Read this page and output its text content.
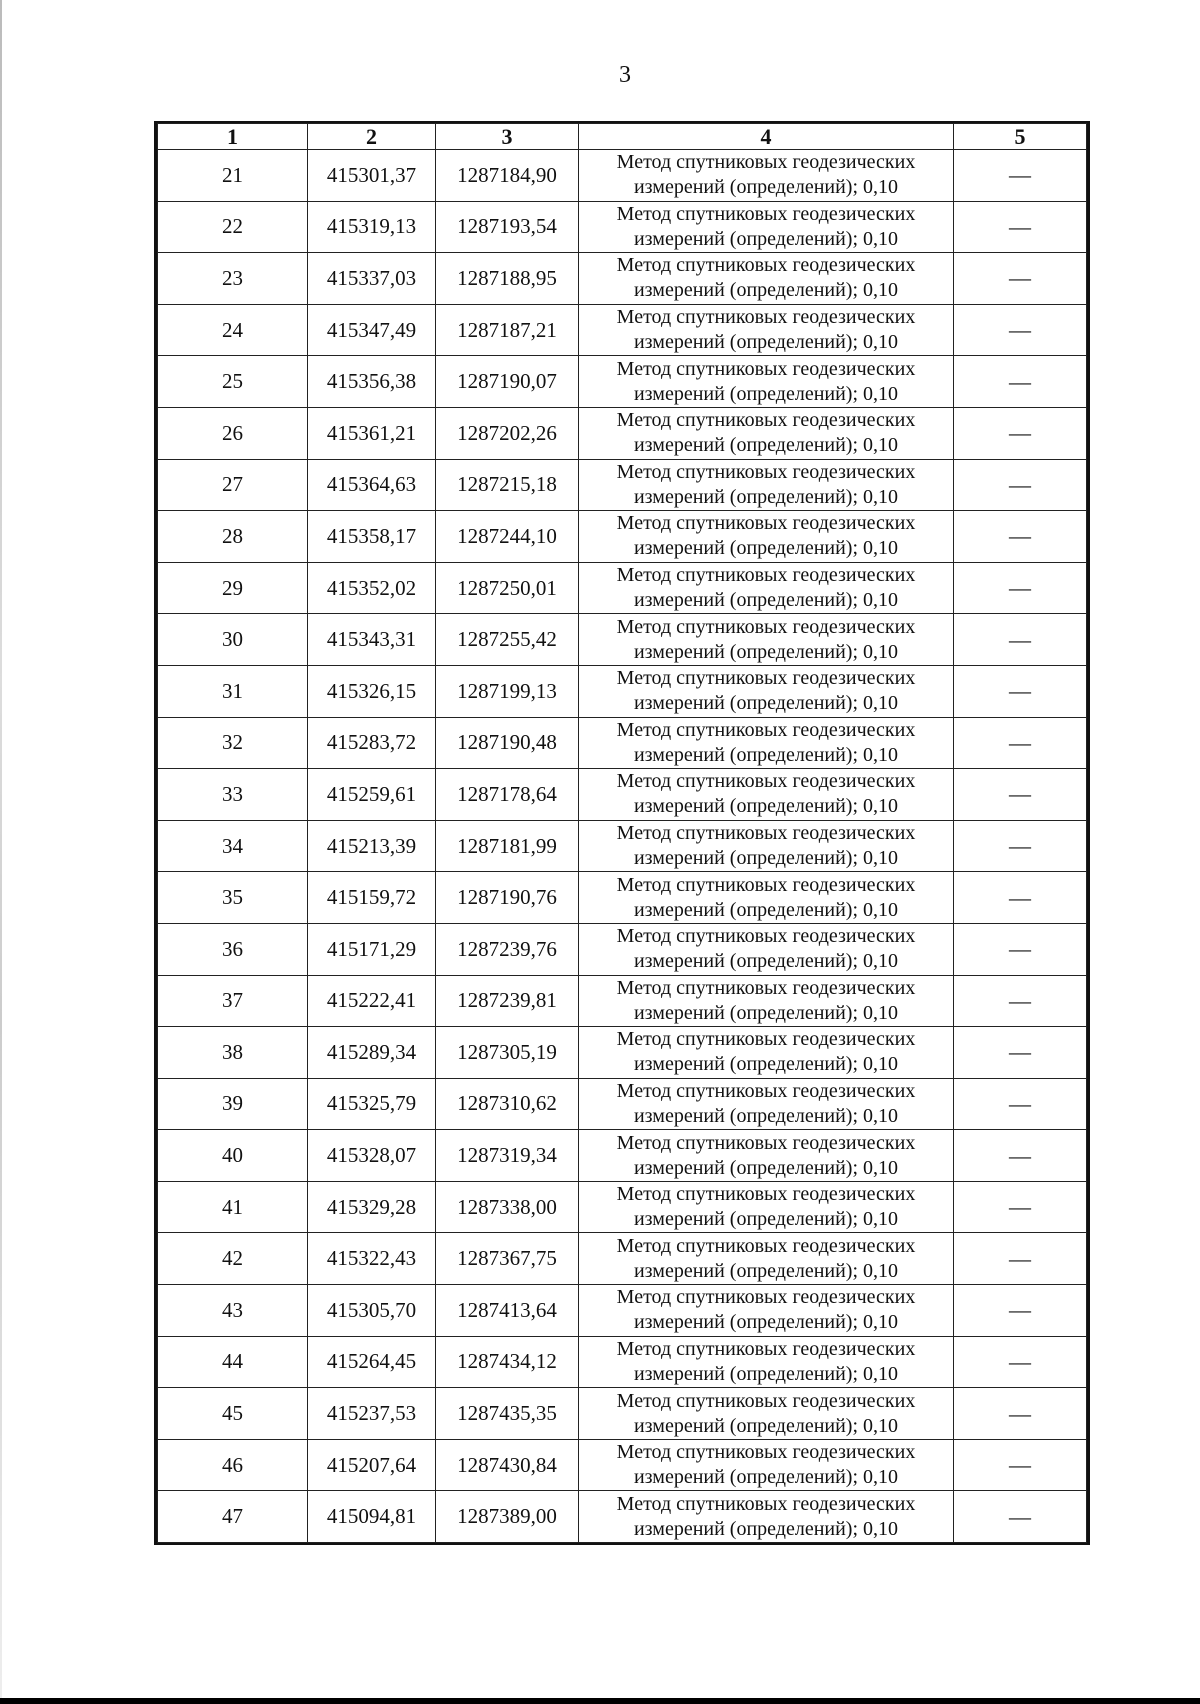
3
1	2	3	4	5
21	415301,37	1287184,90	Метод спутниковых геодезических
измерений (определений); 0,10	—
22	415319,13	1287193,54	Метод спутниковых геодезических
измерений (определений); 0,10	—
23	415337,03	1287188,95	Метод спутниковых геодезических
измерений (определений); 0,10	—
24	415347,49	1287187,21	Метод спутниковых геодезических
измерений (определений); 0,10	—
25	415356,38	1287190,07	Метод спутниковых геодезических
измерений (определений); 0,10	—
26	415361,21	1287202,26	Метод спутниковых геодезических
измерений (определений); 0,10	—
27	415364,63	1287215,18	Метод спутниковых геодезических
измерений (определений); 0,10	—
28	415358,17	1287244,10	Метод спутниковых геодезических
измерений (определений); 0,10	—
29	415352,02	1287250,01	Метод спутниковых геодезических
измерений (определений); 0,10	—
30	415343,31	1287255,42	Метод спутниковых геодезических
измерений (определений); 0,10	—
31	415326,15	1287199,13	Метод спутниковых геодезических
измерений (определений); 0,10	—
32	415283,72	1287190,48	Метод спутниковых геодезических
измерений (определений); 0,10	—
33	415259,61	1287178,64	Метод спутниковых геодезических
измерений (определений); 0,10	—
34	415213,39	1287181,99	Метод спутниковых геодезических
измерений (определений); 0,10	—
35	415159,72	1287190,76	Метод спутниковых геодезических
измерений (определений); 0,10	—
36	415171,29	1287239,76	Метод спутниковых геодезических
измерений (определений); 0,10	—
37	415222,41	1287239,81	Метод спутниковых геодезических
измерений (определений); 0,10	—
38	415289,34	1287305,19	Метод спутниковых геодезических
измерений (определений); 0,10	—
39	415325,79	1287310,62	Метод спутниковых геодезических
измерений (определений); 0,10	—
40	415328,07	1287319,34	Метод спутниковых геодезических
измерений (определений); 0,10	—
41	415329,28	1287338,00	Метод спутниковых геодезических
измерений (определений); 0,10	—
42	415322,43	1287367,75	Метод спутниковых геодезических
измерений (определений); 0,10	—
43	415305,70	1287413,64	Метод спутниковых геодезических
измерений (определений); 0,10	—
44	415264,45	1287434,12	Метод спутниковых геодезических
измерений (определений); 0,10	—
45	415237,53	1287435,35	Метод спутниковых геодезических
измерений (определений); 0,10	—
46	415207,64	1287430,84	Метод спутниковых геодезических
измерений (определений); 0,10	—
47	415094,81	1287389,00	Метод спутниковых геодезических
измерений (определений); 0,10	—
